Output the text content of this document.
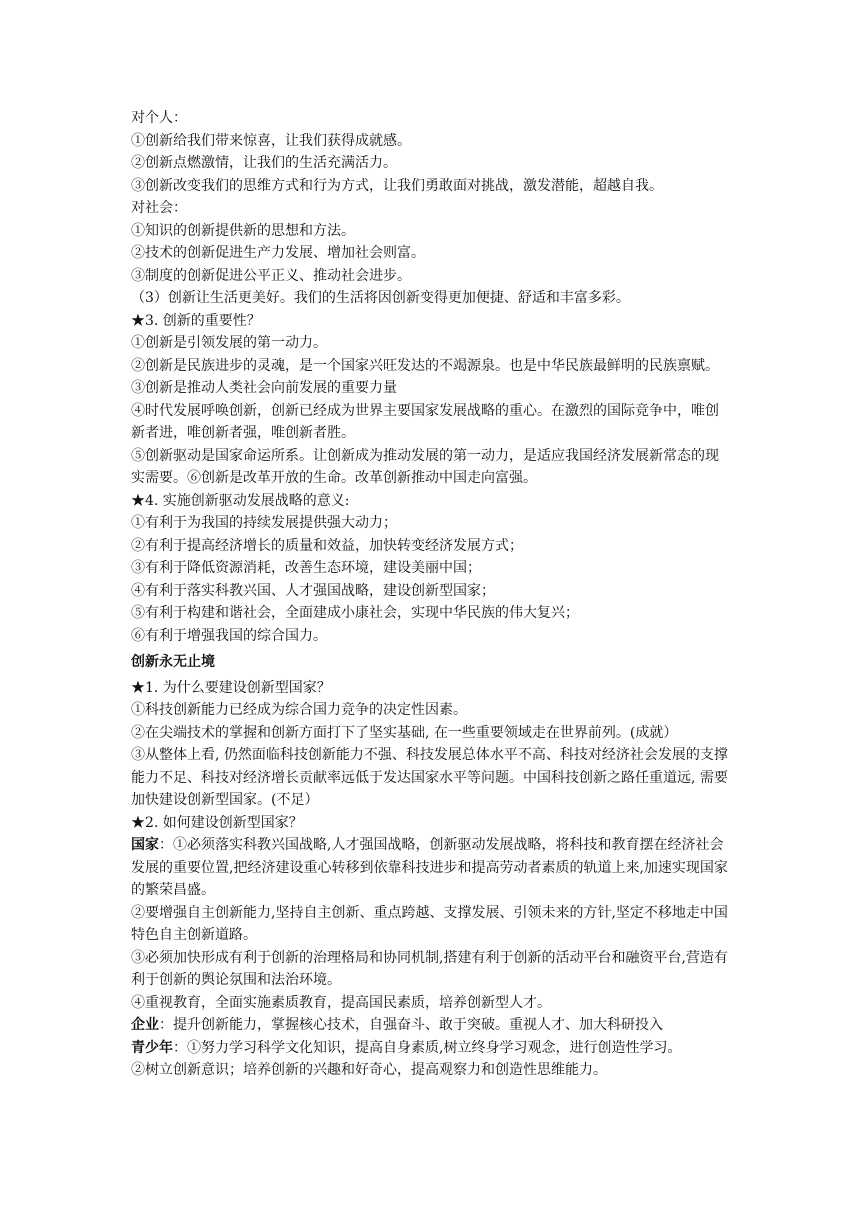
对个人：

①创新给我们带来惊喜，让我们获得成就感。

②创新点燃激情，让我们的生活充满活力。

③创新改变我们的思维方式和行为方式，让我们勇敢面对挑战，激发潜能，超越自我。

对社会：

①知识的创新提供新的思想和方法。

②技术的创新促进生产力发展、增加社会则富。

③制度的创新促进公平正义、推动社会进步。

（3）创新让生活更美好。我们的生活将因创新变得更加便捷、舒适和丰富多彩。

★3. 创新的重要性？

①创新是引领发展的第一动力。

②创新是民族进步的灵魂，是一个国家兴旺发达的不竭源泉。也是中华民族最鲜明的民族禀赋。

③创新是推动人类社会向前发展的重要力量

④时代发展呼唤创新，创新已经成为世界主要国家发展战略的重心。在激烈的国际竞争中，唯创新者进，唯创新者强，唯创新者胜。

⑤创新驱动是国家命运所系。让创新成为推动发展的第一动力，是适应我国经济发展新常态的现实需要。⑥创新是改革开放的生命。改革创新推动中国走向富强。

★4. 实施创新驱动发展战略的意义:

①有利于为我国的持续发展提供强大动力；

②有利于提高经济增长的质量和效益，加快转变经济发展方式；

③有利于降低资源消耗，改善生态环境，建设美丽中国；

④有利于落实科教兴国、人才强国战略，建设创新型国家；

⑤有利于构建和谐社会，全面建成小康社会，实现中华民族的伟大复兴；

⑥有利于增强我国的综合国力。

创新永无止境

★1. 为什么要建设创新型国家？

①科技创新能力已经成为综合国力竞争的决定性因素。

②在尖端技术的掌握和创新方面打下了坚实基础, 在一些重要领域走在世界前列。(成就）

③从整体上看, 仍然面临科技创新能力不强、科技发展总体水平不高、科技对经济社会发展的支撑能力不足、科技对经济增长贡献率远低于发达国家水平等问题。中国科技创新之路任重道远, 需要加快建设创新型国家。(不足）

★2. 如何建设创新型国家？

国家：①必须落实科教兴国战略,人才强国战略，创新驱动发展战略，将科技和教育摆在经济社会发展的重要位置,把经济建设重心转移到依靠科技进步和提高劳动者素质的轨道上来,加速实现国家的繁荣昌盛。

②要增强自主创新能力,坚持自主创新、重点跨越、支撑发展、引领未来的方针,坚定不移地走中国特色自主创新道路。

③必须加快形成有利于创新的治理格局和协同机制,搭建有利于创新的活动平台和融资平台,营造有利于创新的舆论氛围和法治环境。

④重视教育，全面实施素质教育，提高国民素质，培养创新型人才。

企业：提升创新能力，掌握核心技术，自强奋斗、敢于突破。重视人才、加大科研投入

青少年：①努力学习科学文化知识，提高自身素质,树立终身学习观念，进行创造性学习。

②树立创新意识；培养创新的兴趣和好奇心，提高观察力和创造性思维能力。
